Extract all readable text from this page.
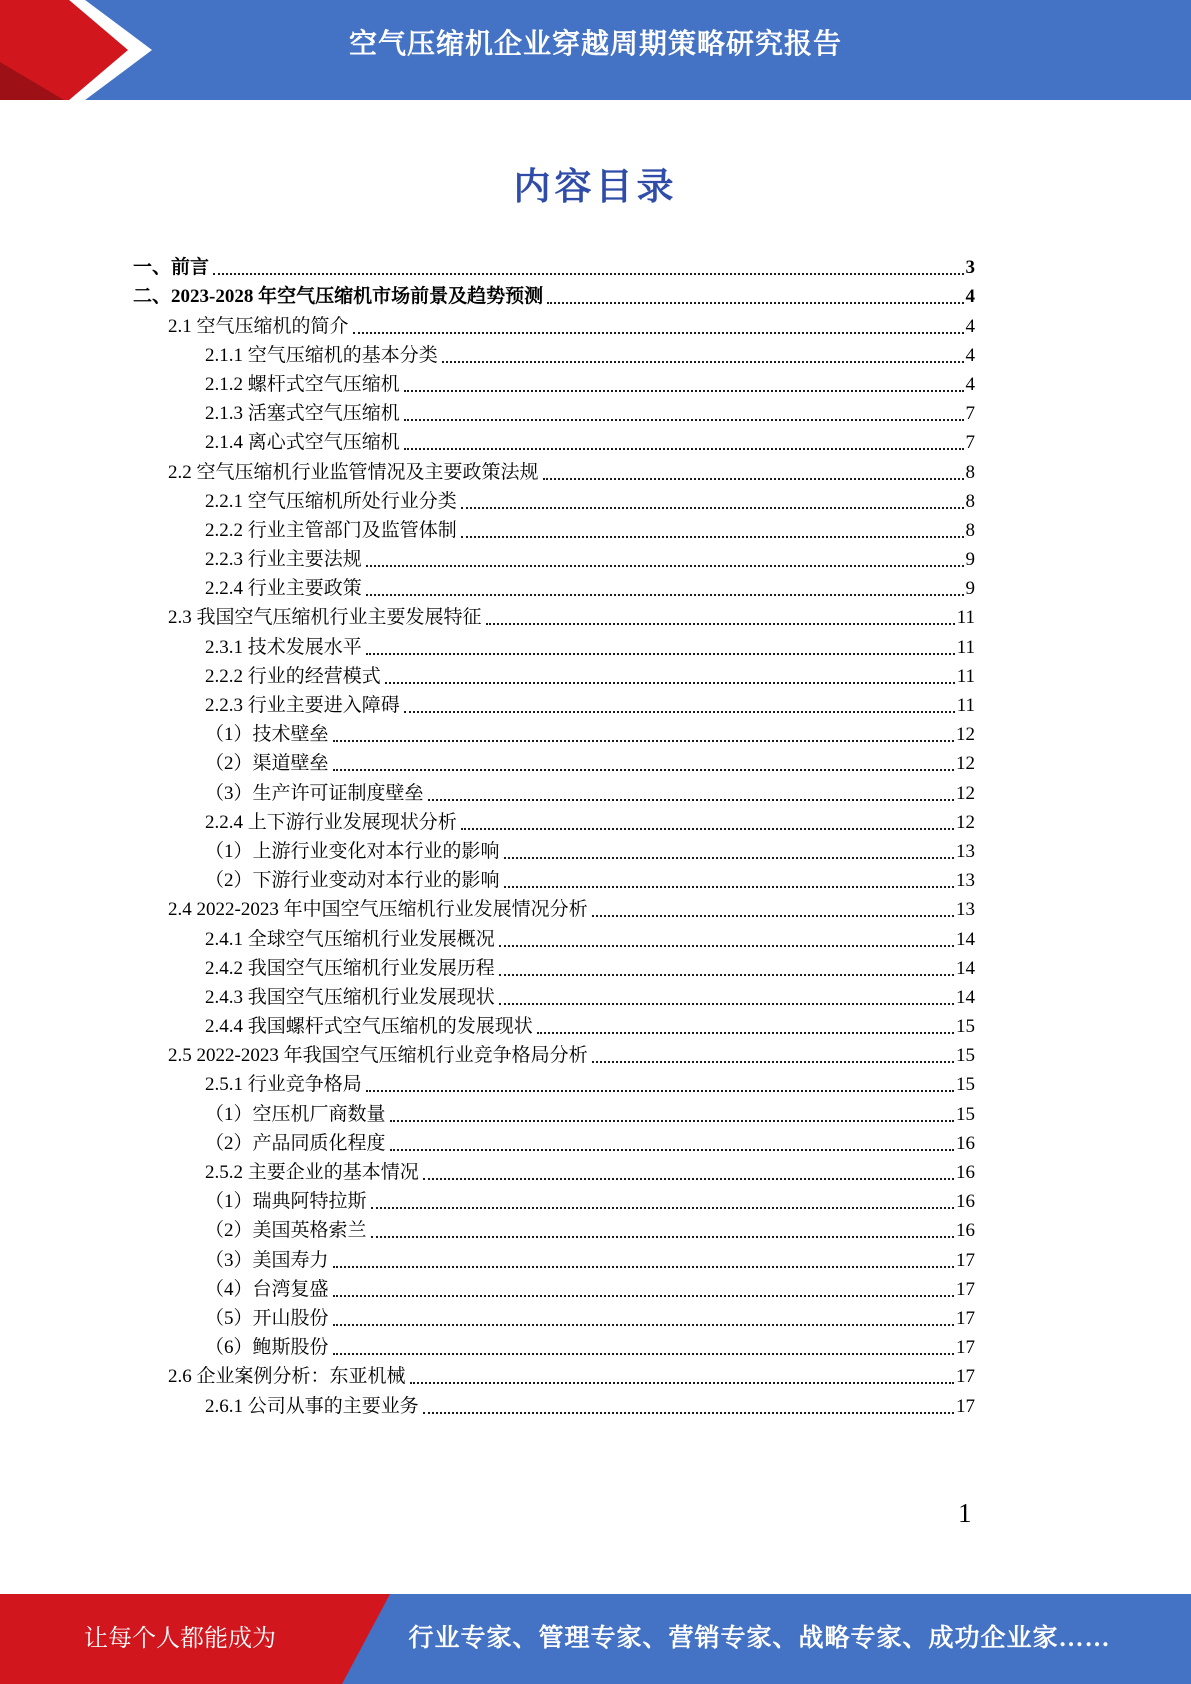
空气压缩机企业穿越周期策略研究报告
内容目录
一、前言	3
二、2023-2028 年空气压缩机市场前景及趋势预测	4
2.1 空气压缩机的简介	4
2.1.1 空气压缩机的基本分类	4
2.1.2 螺杆式空气压缩机	4
2.1.3 活塞式空气压缩机	7
2.1.4 离心式空气压缩机	7
2.2 空气压缩机行业监管情况及主要政策法规	8
2.2.1 空气压缩机所处行业分类	8
2.2.2 行业主管部门及监管体制	8
2.2.3 行业主要法规	9
2.2.4 行业主要政策	9
2.3 我国空气压缩机行业主要发展特征	11
2.3.1 技术发展水平	11
2.2.2 行业的经营模式	11
2.2.3 行业主要进入障碍	11
（1）技术壁垒	12
（2）渠道壁垒	12
（3）生产许可证制度壁垒	12
2.2.4 上下游行业发展现状分析	12
（1）上游行业变化对本行业的影响	13
（2）下游行业变动对本行业的影响	13
2.4 2022-2023 年中国空气压缩机行业发展情况分析	13
2.4.1 全球空气压缩机行业发展概况	14
2.4.2 我国空气压缩机行业发展历程	14
2.4.3 我国空气压缩机行业发展现状	14
2.4.4 我国螺杆式空气压缩机的发展现状	15
2.5 2022-2023 年我国空气压缩机行业竞争格局分析	15
2.5.1 行业竞争格局	15
（1）空压机厂商数量	15
（2）产品同质化程度	16
2.5.2 主要企业的基本情况	16
（1）瑞典阿特拉斯	16
（2）美国英格索兰	16
（3）美国寿力	17
（4）台湾复盛	17
（5）开山股份	17
（6）鲍斯股份	17
2.6 企业案例分析：东亚机械	17
2.6.1 公司从事的主要业务	17
1
让每个人都能成为	行业专家、管理专家、营销专家、战略专家、成功企业家……
